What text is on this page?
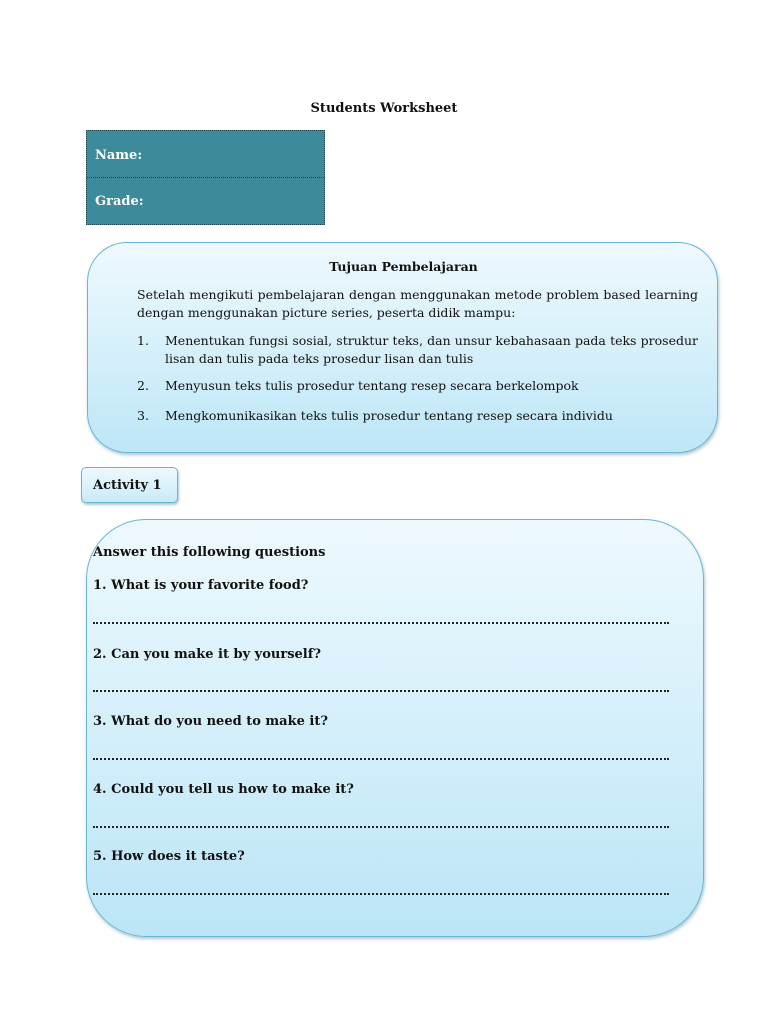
Students Worksheet
Name:
Grade:
Tujuan Pembelajaran
Setelah mengikuti pembelajaran dengan menggunakan metode problem based learning dengan menggunakan picture series, peserta didik mampu:
1. Menentukan fungsi sosial, struktur teks, dan unsur kebahasaan pada teks prosedur lisan dan tulis pada teks prosedur lisan dan tulis
2. Menyusun teks tulis prosedur tentang resep secara berkelompok
3. Mengkomunikasikan teks tulis prosedur tentang resep secara individu
Activity 1
Answer this following questions
1. What is your favorite food?
2. Can you make it by yourself?
3. What do you need to make it?
4. Could you tell us how to make it?
5. How does it taste?
